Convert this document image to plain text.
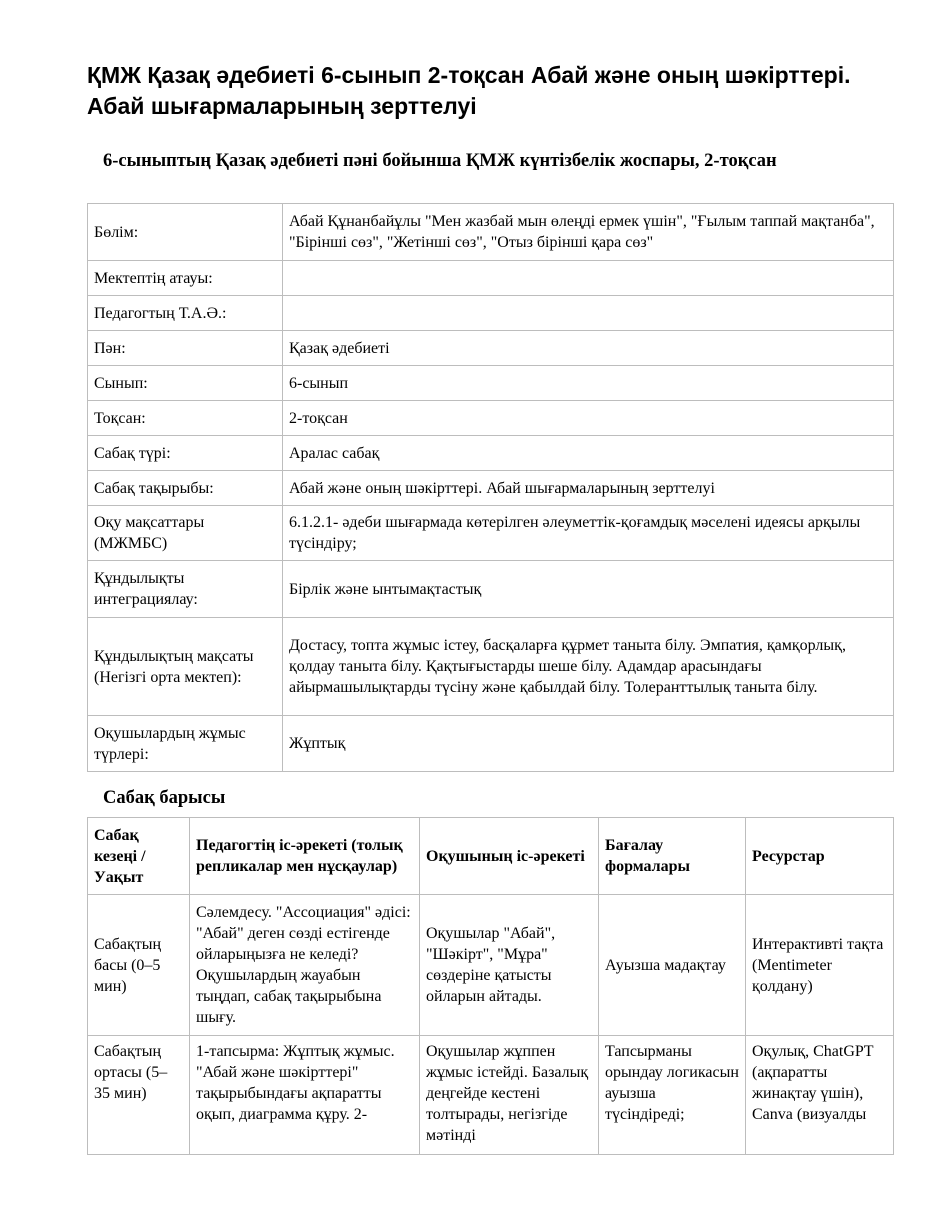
ҚМЖ Қазақ әдебиеті 6-сынып 2-тоқсан Абай және оның шәкірттері. Абай шығармаларының зерттелуі
6-сыныптың Қазақ әдебиеті пәні бойынша ҚМЖ күнтізбелік жоспары, 2-тоқсан
Бөлім:	Абай Құнанбайұлы "Мен жазбай мын өлеңді ермек үшін", "Ғылым таппай мақтанба", "Бірінші сөз", "Жетінші сөз", "Отыз бірінші қара сөз"
Мектептің атауы:	
Педагогтың Т.А.Ә.:	
Пән:	Қазақ әдебиеті
Сынып:	6-сынып
Тоқсан:	2-тоқсан
Сабақ түрі:	Аралас сабақ
Сабақ тақырыбы:	Абай және оның шәкірттері. Абай шығармаларының зерттелуі
Оқу мақсаттары (МЖМБС)	6.1.2.1- әдеби шығармада көтерілген әлеуметтік-қоғамдық мәселені идеясы арқылы түсіндіру;
Құндылықты интеграциялау:	Бірлік және ынтымақтастық
Құндылықтың мақсаты (Негізгі орта мектеп):	Достасу, топта жұмыс істеу, басқаларға құрмет таныта білу. Эмпатия, қамқорлық, қолдау таныта білу. Қақтығыстарды шеше білу. Адамдар арасындағы айырмашылықтарды түсіну және қабылдай білу. Толеранттылық таныта білу.
Оқушылардың жұмыс түрлері:	Жұптық
Сабақ барысы
Сабақ кезеңі / Уақыт	Педагогтің іс-әрекеті (толық репликалар мен нұсқаулар)	Оқушының іс-әрекеті	Бағалау формалары	Ресурстар
Сабақтың басы (0–5 мин)	Сәлемдесу. "Ассоциация" әдісі: "Абай" деген сөзді естігенде ойларыңызға не келеді? Оқушылардың жауабын тыңдап, сабақ тақырыбына шығу.	Оқушылар "Абай", "Шәкірт", "Мұра" сөздеріне қатысты ойларын айтады.	Ауызша мадақтау	Интерактивті тақта (Mentimeter қолдану)
Сабақтың ортасы (5–35 мин)	1-тапсырма: Жұптық жұмыс. "Абай және шәкірттері" тақырыбындағы ақпаратты оқып, диаграмма құру. 2-	Оқушылар жұппен жұмыс істейді. Базалық деңгейде кестені толтырады, негізгіде мәтінді	Тапсырманы орындау логикасын ауызша түсіндіреді;	Оқулық, ChatGPT (ақпаратты жинақтау үшін), Canva (визуалды
